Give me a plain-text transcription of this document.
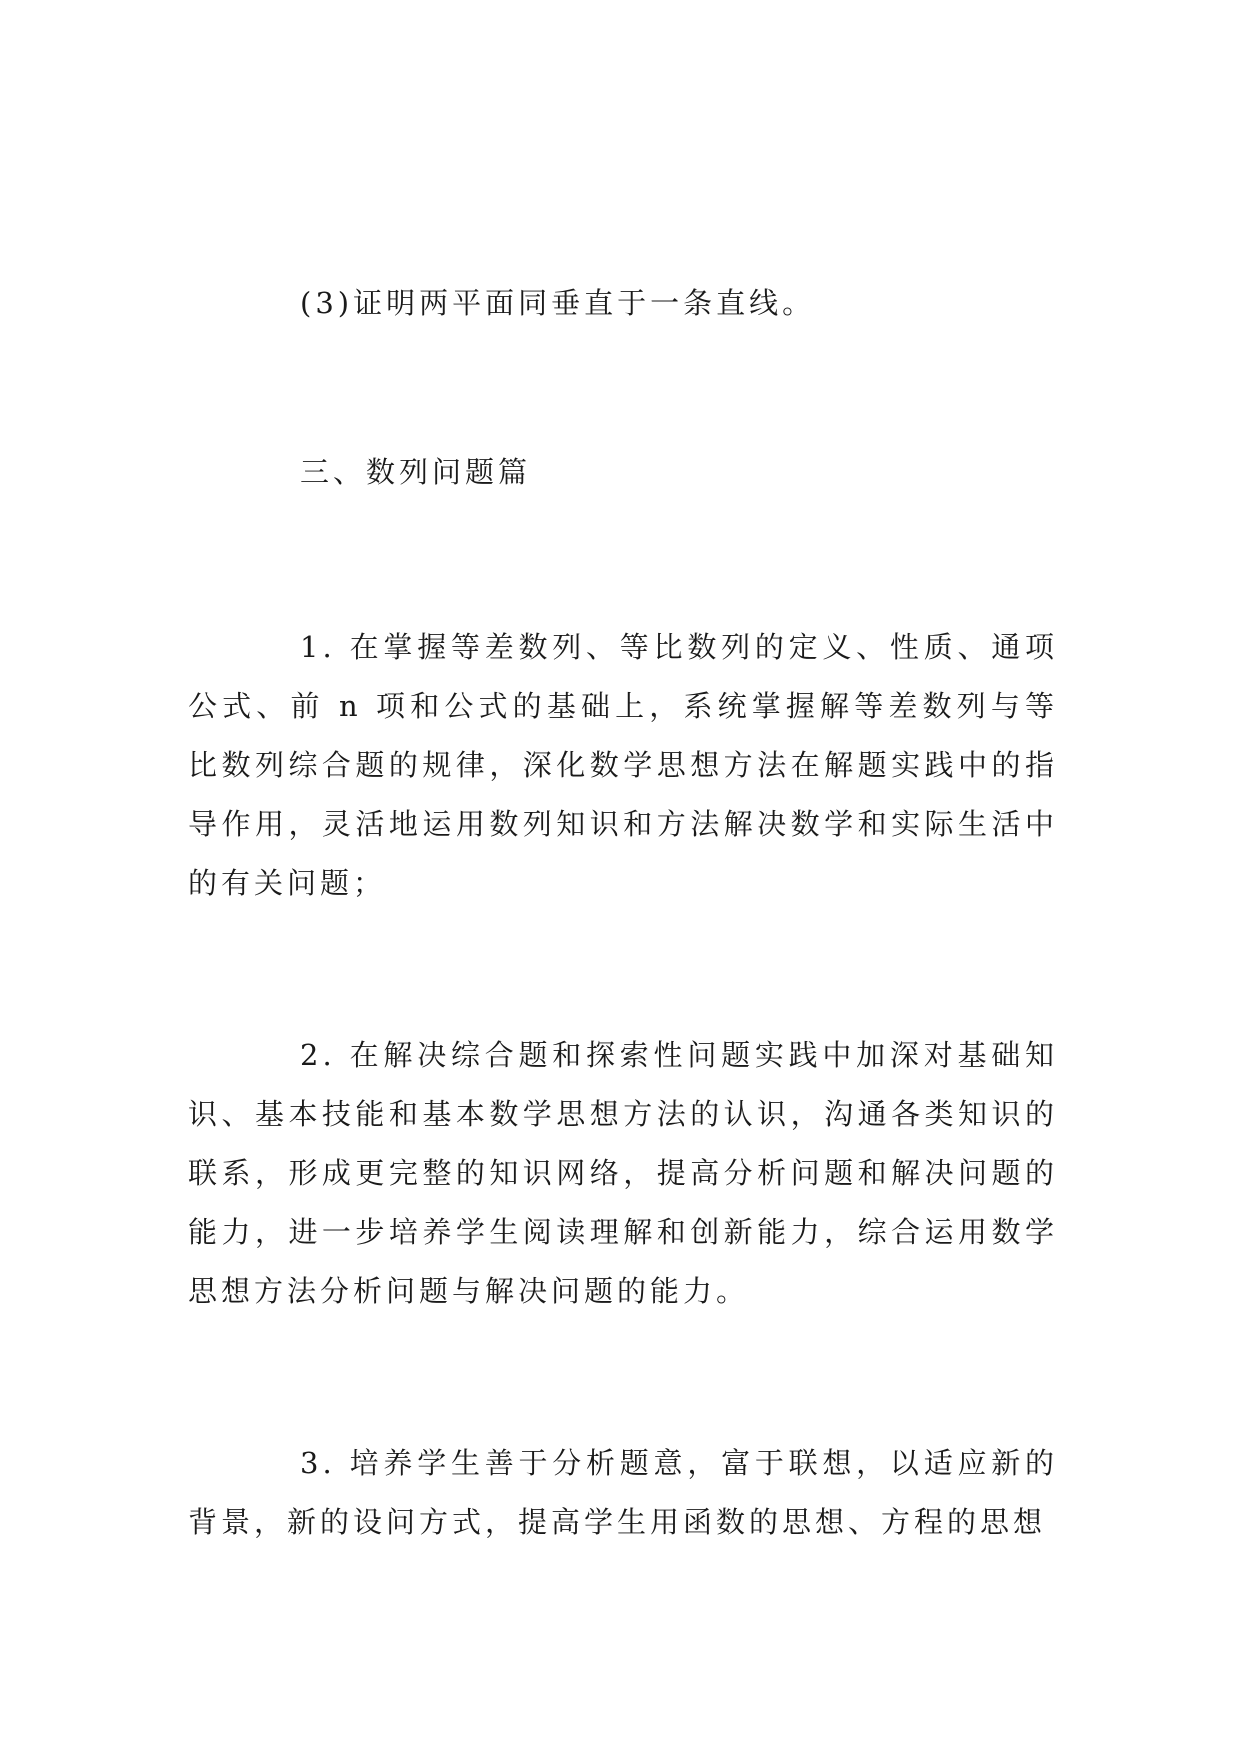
(3)证明两平面同垂直于一条直线。
三、数列问题篇

1. 在掌握等差数列、等比数列的定义、性质、通项公式、前 n 项和公式的基础上，系统掌握解等差数列与等比数列综合题的规律，深化数学思想方法在解题实践中的指导作用，灵活地运用数列知识和方法解决数学和实际生活中的有关问题；

2. 在解决综合题和探索性问题实践中加深对基础知识、基本技能和基本数学思想方法的认识，沟通各类知识的联系，形成更完整的知识网络，提高分析问题和解决问题的能力，进一步培养学生阅读理解和创新能力，综合运用数学思想方法分析问题与解决问题的能力。

3. 培养学生善于分析题意，富于联想，以适应新的背景，新的设问方式，提高学生用函数的思想、方程的思想
